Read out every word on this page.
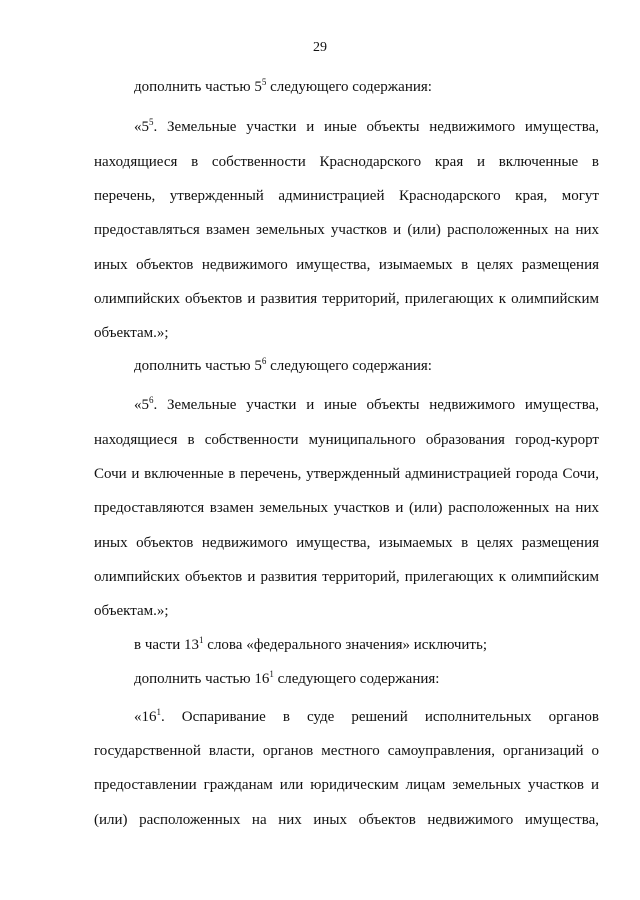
29
дополнить частью $5^5$ следующего содержания:
«$5^5$. Земельные участки и иные объекты недвижимого имущества,
находящиеся в собственности Краснодарского края и включенные в
перечень, утвержденный администрацией Краснодарского края, могут
предоставляться взамен земельных участков и (или) расположенных на них
иных объектов недвижимого имущества, изымаемых в целях размещения
олимпийских объектов и развития территорий, прилегающих к олимпийским
объектам.»;
дополнить частью $5^6$ следующего содержания:
«$5^6$. Земельные участки и иные объекты недвижимого имущества,
находящиеся в собственности муниципального образования город-курорт
Сочи и включенные в перечень, утвержденный администрацией города Сочи,
предоставляются взамен земельных участков и (или) расположенных на них
иных объектов недвижимого имущества, изымаемых в целях размещения
олимпийских объектов и развития территорий, прилегающих к олимпийским
объектам.»;
в части $13^1$ слова «федерального значения» исключить;
дополнить частью $16^1$ следующего содержания:
«$16^1$. Оспаривание в суде решений исполнительных органов
государственной власти, органов местного самоуправления, организаций о
предоставлении гражданам или юридическим лицам земельных участков и
(или) расположенных на них иных объектов недвижимого имущества,
